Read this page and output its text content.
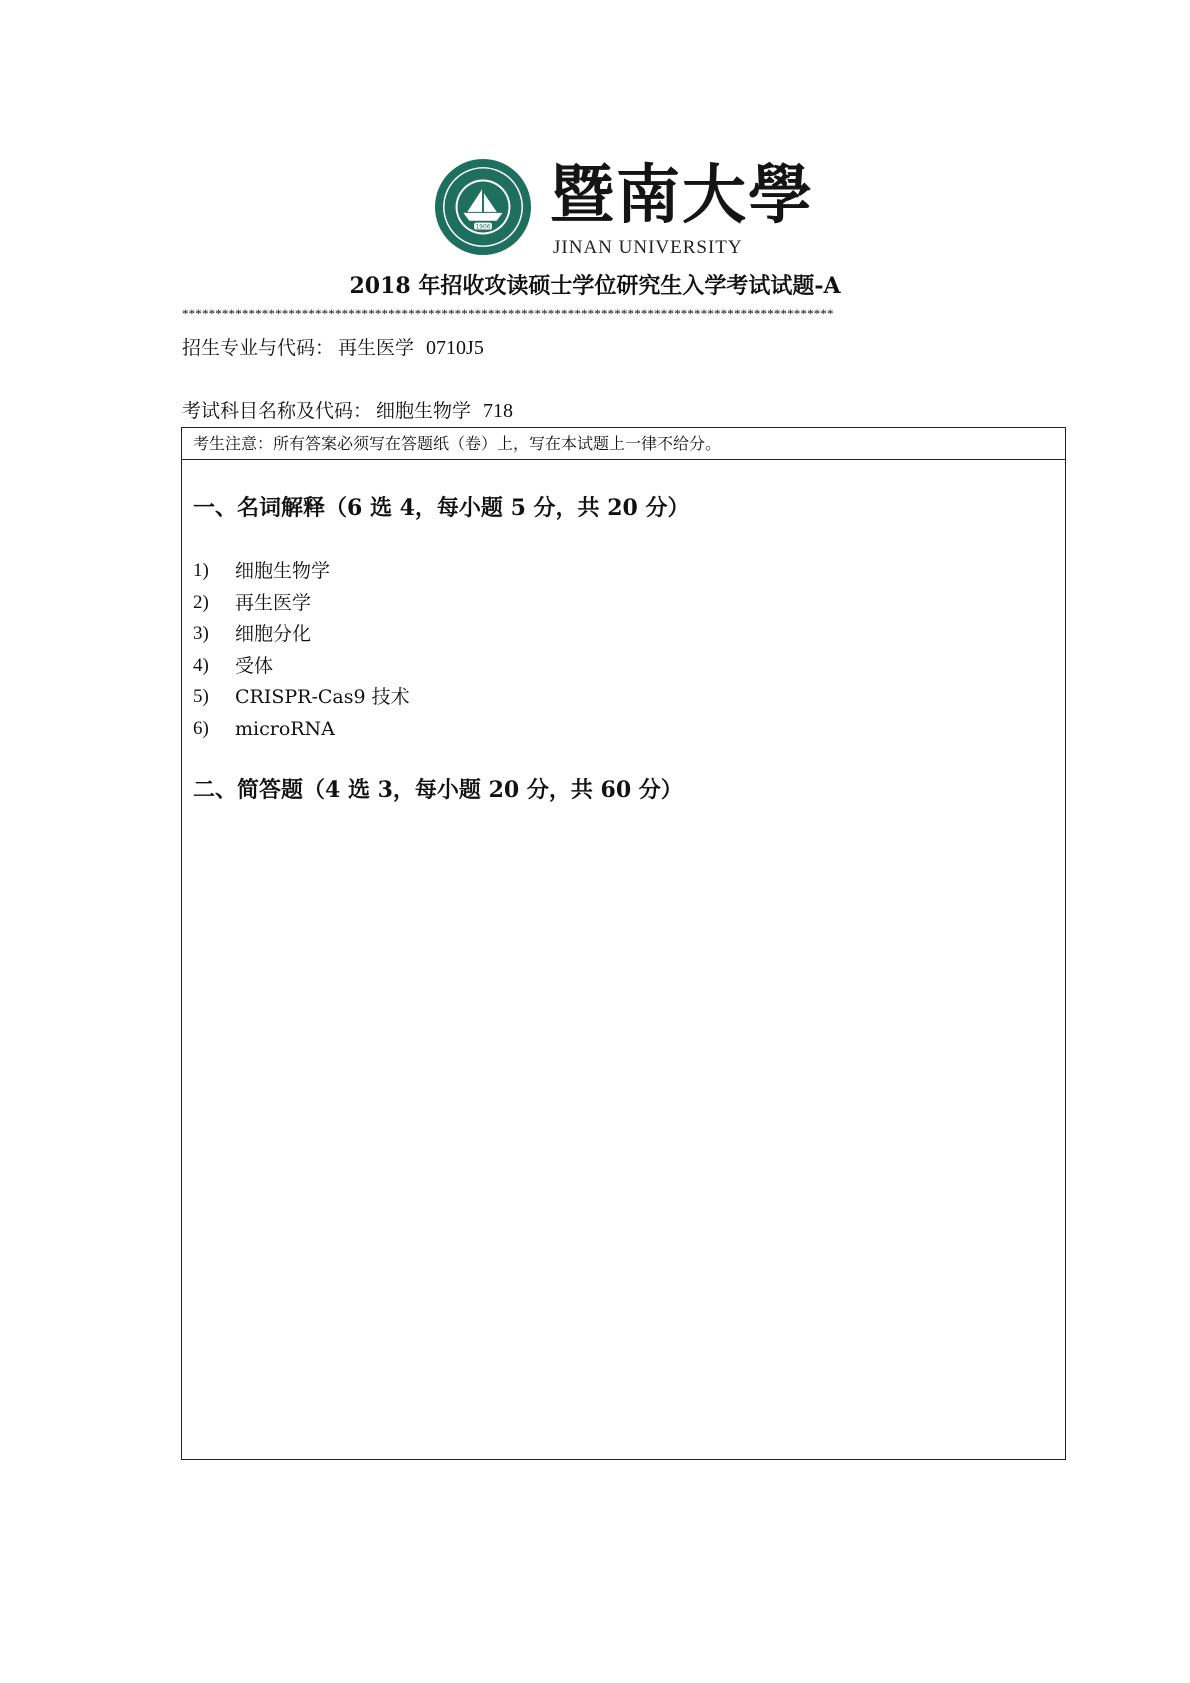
1906 暨南大學
JINAN UNIVERSITY
2018 年招收攻读硕士学位研究生入学考试试题-A
**************************************************************************************************
招生专业与代码： 再生医学 0710J5
考试科目名称及代码： 细胞生物学 718
考生注意：所有答案必须写在答题纸（卷）上，写在本试题上一律不给分。
一、名词解释（6 选 4，每小题 5 分，共 20 分）
1)	细胞生物学
2)	再生医学
3)	细胞分化
4)	受体
5)	CRISPR-Cas9 技术
6)	microRNA
二、简答题（4 选 3，每小题 20 分，共 60 分）
